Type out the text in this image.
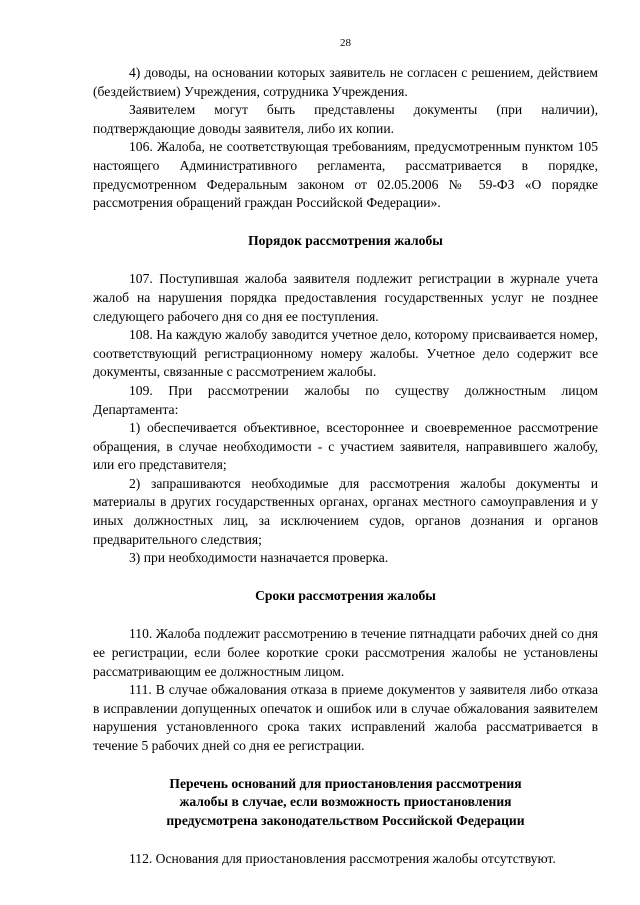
28

4) доводы, на основании которых заявитель не согласен с решением, действием (бездействием) Учреждения, сотрудника Учреждения.

Заявителем могут быть представлены документы (при наличии), подтверждающие доводы заявителя, либо их копии.

106. Жалоба, не соответствующая требованиям, предусмотренным пунктом 105 настоящего Административного регламента, рассматривается в порядке, предусмотренном Федеральным законом от 02.05.2006 № 59-ФЗ «О порядке рассмотрения обращений граждан Российской Федерации».

Порядок рассмотрения жалобы

107. Поступившая жалоба заявителя подлежит регистрации в журнале учета жалоб на нарушения порядка предоставления государственных услуг не позднее следующего рабочего дня со дня ее поступления.

108. На каждую жалобу заводится учетное дело, которому присваивается номер, соответствующий регистрационному номеру жалобы. Учетное дело содержит все документы, связанные с рассмотрением жалобы.

109. При рассмотрении жалобы по существу должностным лицом Департамента:

1) обеспечивается объективное, всестороннее и своевременное рассмотрение обращения, в случае необходимости - с участием заявителя, направившего жалобу, или его представителя;

2) запрашиваются необходимые для рассмотрения жалобы документы и материалы в других государственных органах, органах местного самоуправления и у иных должностных лиц, за исключением судов, органов дознания и органов предварительного следствия;

3) при необходимости назначается проверка.

Сроки рассмотрения жалобы

110. Жалоба подлежит рассмотрению в течение пятнадцати рабочих дней со дня ее регистрации, если более короткие сроки рассмотрения жалобы не установлены рассматривающим ее должностным лицом.

111. В случае обжалования отказа в приеме документов у заявителя либо отказа в исправлении допущенных опечаток и ошибок или в случае обжалования заявителем нарушения установленного срока таких исправлений жалоба рассматривается в течение 5 рабочих дней со дня ее регистрации.

Перечень оснований для приостановления рассмотрения
жалобы в случае, если возможность приостановления
предусмотрена законодательством Российской Федерации

112. Основания для приостановления рассмотрения жалобы отсутствуют.
